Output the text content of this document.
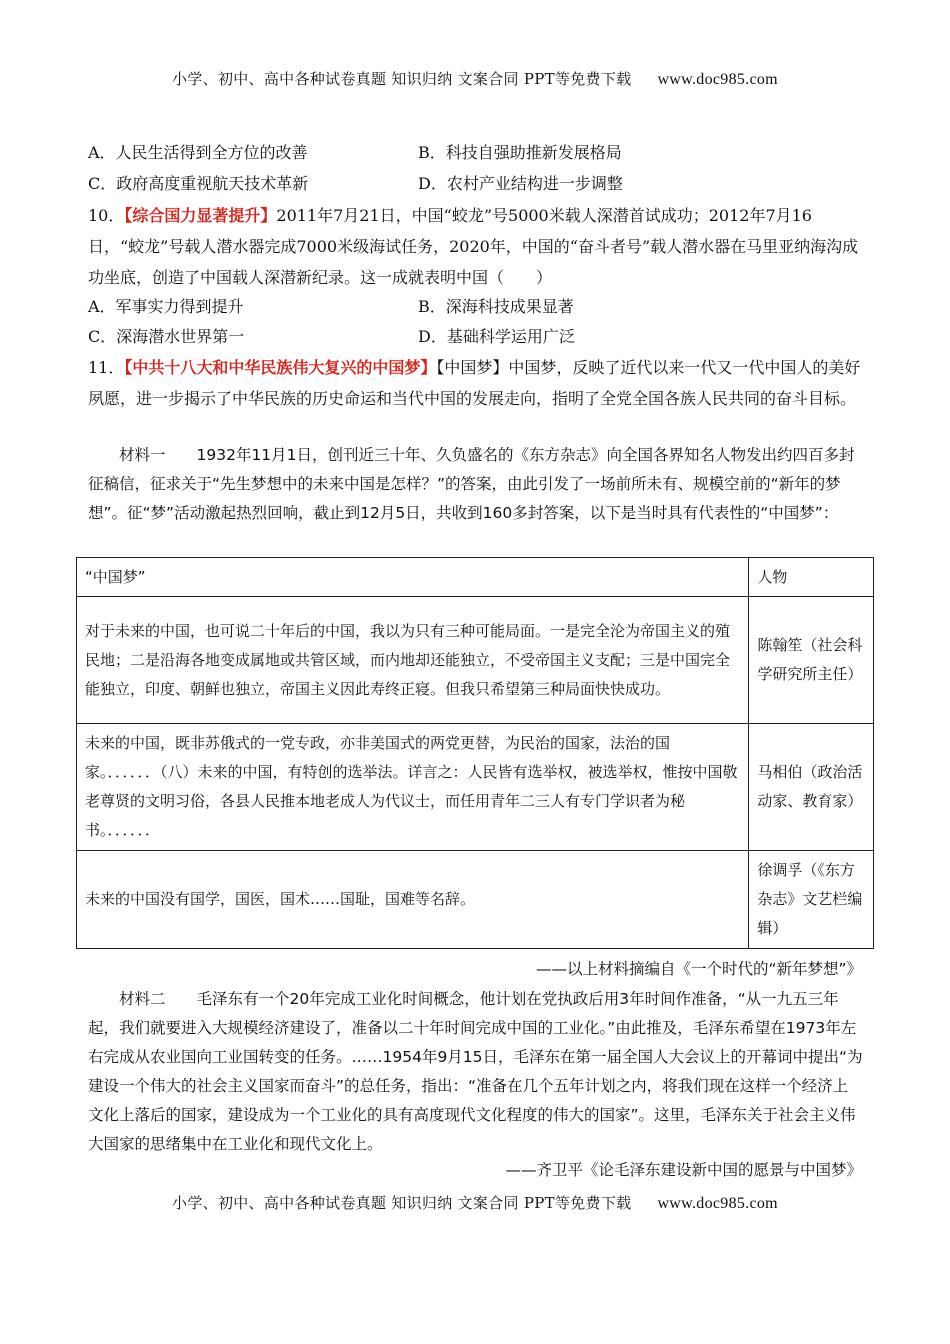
小学、初中、高中各种试卷真题 知识归纳 文案合同 PPT等免费下载 www.doc985.com
A．人民生活得到全方位的改善	B．科技自强助推新发展格局
C．政府高度重视航天技术革新	D．农村产业结构进一步调整
10．【综合国力显著提升】2011年7月21日，中国“蛟龙”号5000米载人深潜首试成功；2012年7月16日，“蛟龙”号载人潜水器完成7000米级海试任务，2020年，中国的“奋斗者号”载人潜水器在马里亚纳海沟成功坐底，创造了中国载人深潜新纪录。这一成就表明中国（　　）
A．军事实力得到提升	B．深海科技成果显著
C．深海潜水世界第一	D．基础科学运用广泛
11．【中共十八大和中华民族伟大复兴的中国梦】【中国梦】中国梦，反映了近代以来一代又一代中国人的美好夙愿，进一步揭示了中华民族的历史命运和当代中国的发展走向，指明了全党全国各族人民共同的奋斗目标。
材料一　　1932年11月1日，创刊近三十年、久负盛名的《东方杂志》向全国各界知名人物发出约四百多封征稿信，征求关于“先生梦想中的未来中国是怎样？”的答案，由此引发了一场前所未有、规模空前的“新年的梦想”。征“梦”活动激起热烈回响，截止到12月5日，共收到160多封答案，以下是当时具有代表性的“中国梦”：
“中国梦”	人物
对于未来的中国，也可说二十年后的中国，我以为只有三种可能局面。一是完全沦为帝国主义的殖民地；二是沿海各地变成属地或共管区域，而内地却还能独立，不受帝国主义支配；三是中国完全能独立，印度、朝鲜也独立，帝国主义因此寿终正寝。但我只希望第三种局面快快成功。	陈翰笙（社会科学研究所主任）
未来的中国，既非苏俄式的一党专政，亦非美国式的两党更替，为民治的国家，法治的国家。．．．．．．（八）未来的中国，有特创的选举法。详言之：人民皆有选举权，被选举权，惟按中国敬老尊贤的文明习俗，各县人民推本地老成人为代议士，而任用青年二三人有专门学识者为秘书。．．．．．．	马相伯（政治活动家、教育家）
未来的中国没有国学，国医，国术……国耻，国难等名辞。	徐调孚（《东方杂志》文艺栏编辑）
——以上材料摘编自《一个时代的“新年梦想”》
材料二　　毛泽东有一个20年完成工业化时间概念，他计划在党执政后用3年时间作准备，“从一九五三年起，我们就要进入大规模经济建设了，准备以二十年时间完成中国的工业化。”由此推及，毛泽东希望在1973年左右完成从农业国向工业国转变的任务。……1954年9月15日，毛泽东在第一届全国人大会议上的开幕词中提出“为建设一个伟大的社会主义国家而奋斗”的总任务，指出：“准备在几个五年计划之内，将我们现在这样一个经济上文化上落后的国家，建设成为一个工业化的具有高度现代文化程度的伟大的国家”。这里，毛泽东关于社会主义伟大国家的思绪集中在工业化和现代文化上。
——齐卫平《论毛泽东建设新中国的愿景与中国梦》
小学、初中、高中各种试卷真题 知识归纳 文案合同 PPT等免费下载 www.doc985.com
